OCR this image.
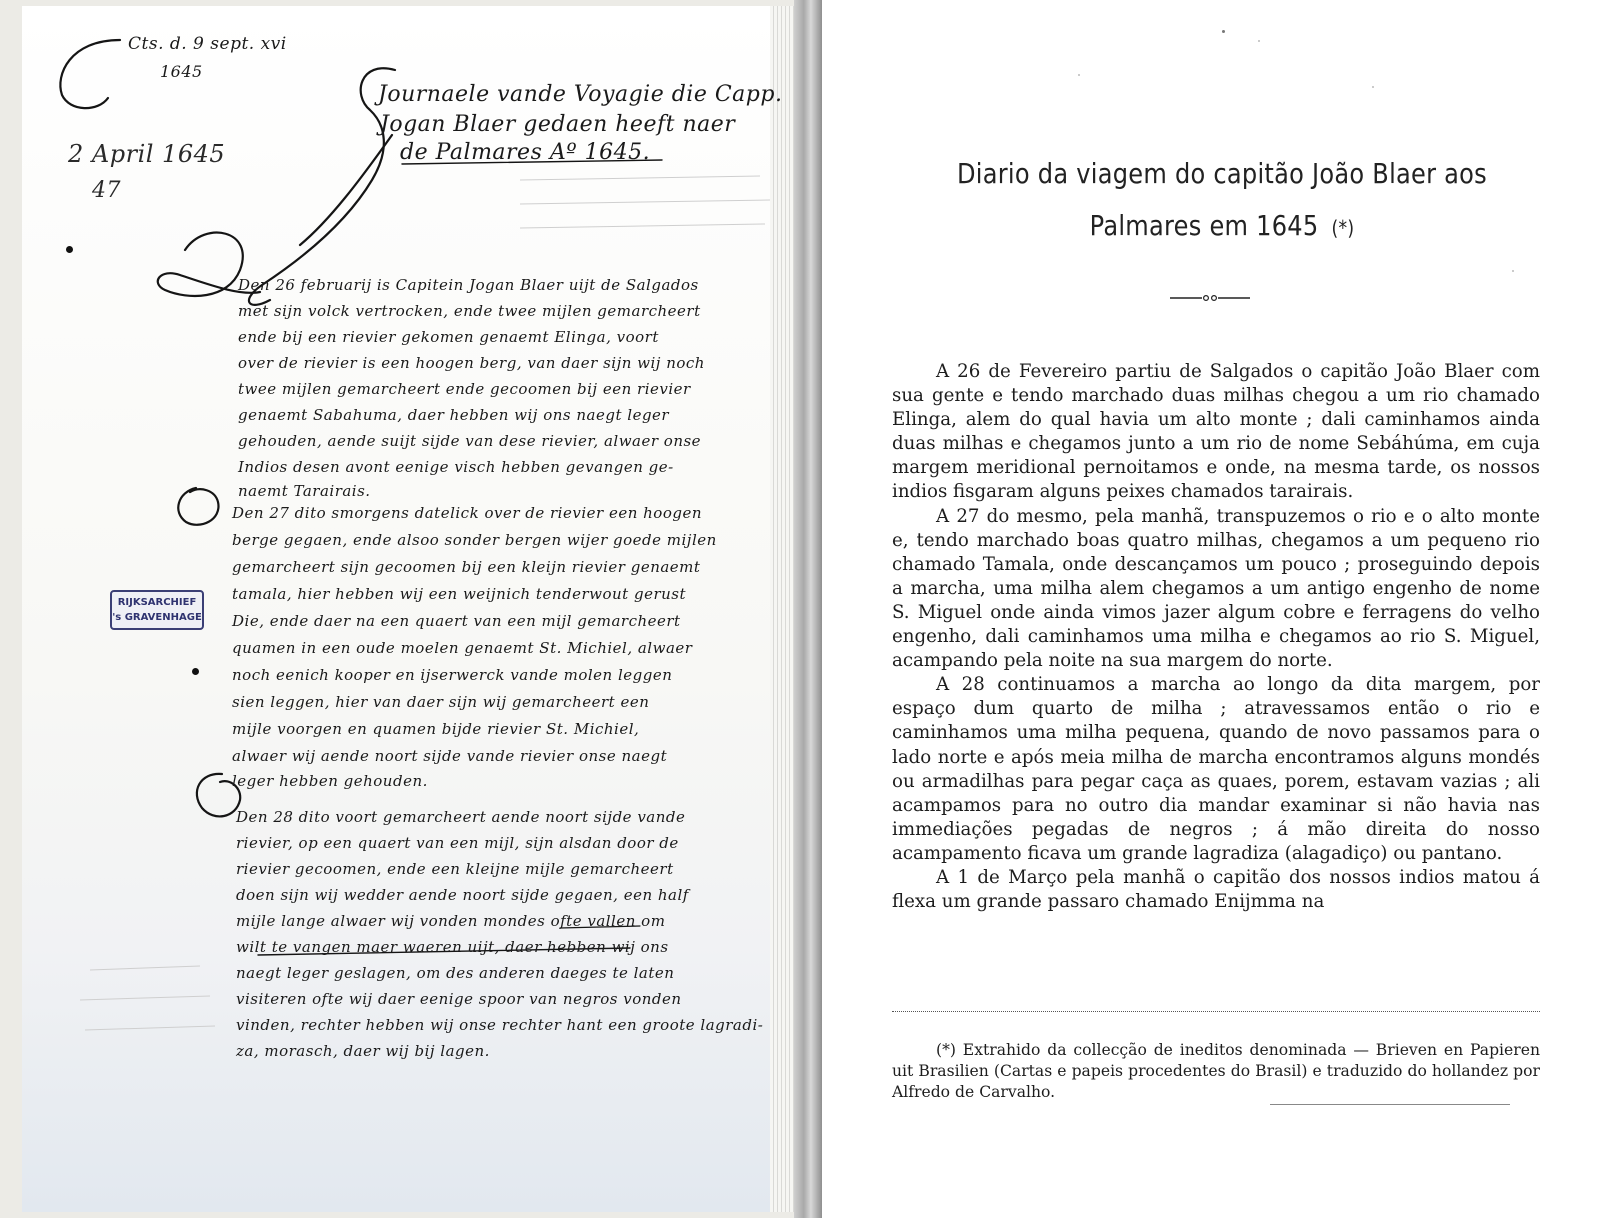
Cts. d. 9 sept. xvi
1645
2 April 1645
47
Journaele vande Voyagie die Capp.
Jogan Blaer gedaen heeft naer
de Palmares Aº 1645.
RIJKSARCHIEF
's GRAVENHAGE
Den 26 februarij is Capitein Jogan Blaer uijt de Salgados
met sijn volck vertrocken, ende twee mijlen gemarcheert
ende bij een rievier gekomen genaemt Elinga, voort
over de rievier is een hoogen berg, van daer sijn wij noch
twee mijlen gemarcheert ende gecoomen bij een rievier
genaemt Sabahuma, daer hebben wij ons naegt leger
gehouden, aende suijt sijde van dese rievier, alwaer onse
Indios desen avont eenige visch hebben gevangen ge-
naemt Tarairais.
Den 27 dito smorgens datelick over de rievier een hoogen
berge gegaen, ende alsoo sonder bergen wijer goede mijlen
gemarcheert sijn gecoomen bij een kleijn rievier genaemt
tamala, hier hebben wij een weijnich tenderwout gerust
Die, ende daer na een quaert van een mijl gemarcheert
quamen in een oude moelen genaemt St. Michiel, alwaer
noch eenich kooper en ijserwerck vande molen leggen
sien leggen, hier van daer sijn wij gemarcheert een
mijle voorgen en quamen bijde rievier St. Michiel,
alwaer wij aende noort sijde vande rievier onse naegt
leger hebben gehouden.
Den 28 dito voort gemarcheert aende noort sijde vande
rievier, op een quaert van een mijl, sijn alsdan door de
rievier gecoomen, ende een kleijne mijle gemarcheert
doen sijn wij wedder aende noort sijde gegaen, een half
mijle lange alwaer wij vonden mondes ofte vallen om
wilt te vangen maer waeren uijt, daer hebben wij ons
naegt leger geslagen, om des anderen daeges te laten
visiteren ofte wij daer eenige spoor van negros vonden
vinden, rechter hebben wij onse rechter hant een groote lagradi-
za, morasch, daer wij bij lagen.
Diario da viagem do capitão João Blaer aos
Palmares em 1645 (*)

A 26 de Fevereiro partiu de Salgados o capitão João Blaer com sua gente e tendo marchado duas milhas chegou a um rio chamado Elinga, alem do qual havia um alto monte ; dali caminhamos ainda duas milhas e chegamos junto a um rio de nome Sebáhúma, em cuja margem meridional pernoitamos e onde, na mesma tarde, os nossos indios fisgaram alguns peixes chamados tarairais.

A 27 do mesmo, pela manhã, transpuzemos o rio e o alto monte e, tendo marchado boas quatro milhas, chegamos a um pequeno rio chamado Tamala, onde descançamos um pouco ; proseguindo depois a marcha, uma milha alem chegamos a um antigo engenho de nome S. Miguel onde ainda vimos jazer algum cobre e ferragens do velho engenho, dali caminhamos uma milha e chegamos ao rio S. Miguel, acampando pela noite na sua margem do norte.

A 28 continuamos a marcha ao longo da dita margem, por espaço dum quarto de milha ; atravessamos então o rio e caminhamos uma milha pequena, quando de novo passamos para o lado norte e após meia milha de marcha encontramos alguns mondés ou armadilhas para pegar caça as quaes, porem, estavam vazias ; ali acampamos para no outro dia mandar examinar si não havia nas immediações pegadas de negros ; á mão direita do nosso acampamento ficava um grande lagradiza (alagadiço) ou pantano.

A 1 de Março pela manhã o capitão dos nossos indios matou á flexa um grande passaro chamado Enijmma na

(*) Extrahido da collecção de ineditos denominada — Brieven en Papieren uit Brasilien (Cartas e papeis procedentes do Brasil) e traduzido do hollandez por Alfredo de Carvalho.
